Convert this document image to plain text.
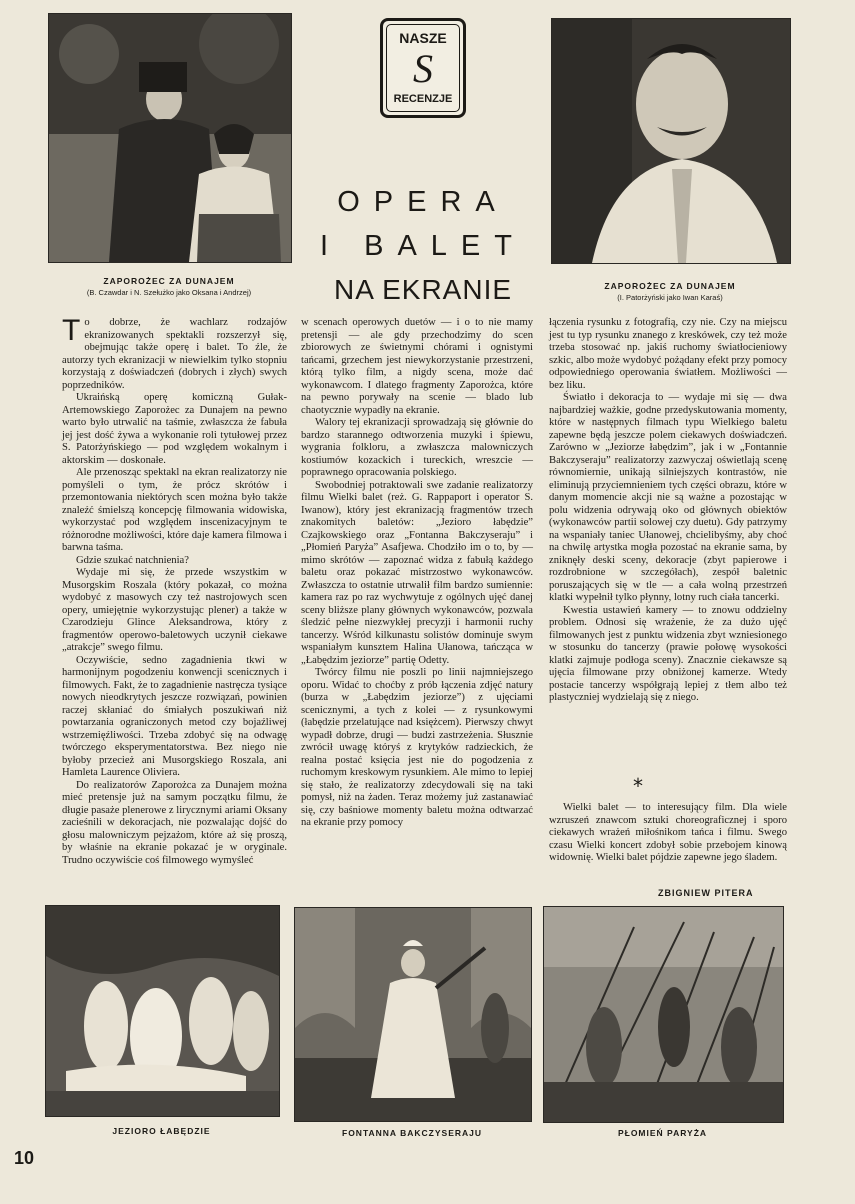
ZAPOROŻEC ZA DUNAJEM
(B. Czawdar i N. Szełużko jako Oksana i Andrzej)
NASZE
S
RECENZJE
OPERA
I BALET
NA EKRANIE	ZAPOROŻEC ZA DUNAJEM
(I. Patorżyński jako Iwan Karaś)

To dobrze, że wachlarz rodzajów ekranizowanych spektakli rozszerzył się, obejmując także operę i balet. To źle, że autorzy tych ekranizacji w niewielkim tylko stopniu korzystają z doświadczeń (dobrych i złych) swych poprzedników.

Ukraińską operę komiczną Gułak-Artemowskiego Zaporożec za Dunajem na pewno warto było utrwalić na taśmie, zwłaszcza że fabuła jej jest dość żywa a wykonanie roli tytułowej przez S. Patorżyńskiego — pod względem wokalnym i aktorskim — doskonałe.

Ale przenosząc spektakl na ekran realizatorzy nie pomyśleli o tym, że prócz skrótów i przemontowania niektórych scen można było także znaleźć śmielszą koncepcję filmowania widowiska, wykorzystać pod względem inscenizacyjnym te różnorodne możliwości, które daje kamera filmowa i barwna taśma.

Gdzie szukać natchnienia?

Wydaje mi się, że przede wszystkim w Musorgskim Roszala (który pokazał, co można wydobyć z masowych czy też nastrojowych scen opery, umiejętnie wykorzystując plener) a także w Czarodzieju Glince Aleksandrowa, który z fragmentów operowo-baletowych uczynił ciekawe „atrakcje” swego filmu.

Oczywiście, sedno zagadnienia tkwi w harmonijnym pogodzeniu konwencji scenicznych i filmowych. Fakt, że to zagadnienie nastręcza tysiące nowych nieodkrytych jeszcze rozwiązań, powinien raczej skłaniać do śmiałych poszukiwań niż powtarzania ograniczonych metod czy bojaźliwej wstrzemięźliwości. Trzeba zdobyć się na odwagę twórczego eksperymentatorstwa. Bez niego nie byłoby przecież ani Musorgskiego Roszala, ani Hamleta Laurence Oliviera.

Do realizatorów Zaporożca za Dunajem można mieć pretensje już na samym początku filmu, że długie pasaże plenerowe z lirycznymi ariami Oksany zacieśnili w dekoracjach, nie pozwalając dojść do głosu malowniczym pejzażom, które aż się proszą, by właśnie na ekranie pokazać je w oryginale. Trudno oczywiście coś filmowego wymyśleć

w scenach operowych duetów — i o to nie mamy pretensji — ale gdy przechodzimy do scen zbiorowych ze świetnymi chórami i ognistymi tańcami, grzechem jest niewykorzystanie przestrzeni, którą tylko film, a nigdy scena, może dać wykonawcom. I dlatego fragmenty Zaporożca, które na pewno porywały na scenie — blado lub chaotycznie wypadły na ekranie.

Walory tej ekranizacji sprowadzają się głównie do bardzo starannego odtworzenia muzyki i śpiewu, wygrania folkloru, a zwłaszcza malowniczych kostiumów kozackich i tureckich, wreszcie — poprawnego opracowania polskiego.

Swobodniej potraktowali swe zadanie realizatorzy filmu Wielki balet (reż. G. Rappaport i operator S. Iwanow), który jest ekranizacją fragmentów trzech znakomitych baletów: „Jezioro łabędzie” Czajkowskiego oraz „Fontanna Bakczyseraju” i „Płomień Paryża” Asafjewa. Chodziło im o to, by — mimo skrótów — zapoznać widza z fabułą każdego baletu oraz pokazać mistrzostwo wykonawców. Zwłaszcza to ostatnie utrwalił film bardzo sumiennie: kamera raz po raz wychwytuje z ogólnych ujęć danej sceny bliższe plany głównych wykonawców, pozwala śledzić pełne niezwykłej precyzji i harmonii ruchy tancerzy. Wśród kilkunastu solistów dominuje swym wspaniałym kunsztem Halina Ułanowa, tańcząca w „Łabędzim jeziorze” partię Odetty.

Twórcy filmu nie poszli po linii najmniejszego oporu. Widać to choćby z prób łączenia zdjęć natury (burza w „Łabędzim jeziorze”) z ujęciami scenicznymi, a tych z kolei — z rysunkowymi (łabędzie przelatujące nad księżcem). Pierwszy chwyt wypadł dobrze, drugi — budzi zastrzeżenia. Słusznie zwrócił uwagę któryś z krytyków radzieckich, że realna postać księcia jest nie do pogodzenia z ruchomym kreskowym rysunkiem. Ale mimo to lepiej się stało, że realizatorzy zdecydowali się na taki pomysł, niż na żaden. Teraz możemy już zastanawiać się, czy baśniowe momenty baletu można odtwarzać na ekranie przy pomocy

łączenia rysunku z fotografią, czy nie. Czy na miejscu jest tu typ rysunku znanego z kreskówek, czy też może trzeba stosować np. jakiś ruchomy światłocieniowy szkic, albo może wydobyć pożądany efekt przy pomocy odpowiedniego operowania światłem. Możliwości — bez liku.

Światło i dekoracja to — wydaje mi się — dwa najbardziej ważkie, godne przedyskutowania momenty, które w następnych filmach typu Wielkiego baletu zapewne będą jeszcze polem ciekawych doświadczeń. Zarówno w „Jeziorze łabędzim”, jak i w „Fontannie Bakczyseraju” realizatorzy zazwyczaj oświetlają scenę równomiernie, unikają silniejszych kontrastów, nie eliminują przyciemnieniem tych części obrazu, które w danym momencie akcji nie są ważne a pozostając w polu widzenia odrywają oko od głównych obiektów (wykonawców partii solowej czy duetu). Gdy patrzymy na wspaniały taniec Ułanowej, chcielibyśmy, aby choć na chwilę artystka mogła pozostać na ekranie sama, by zniknęły deski sceny, dekoracje (zbyt papierowe i rozdrobnione w szczegółach), zespół baletnic poruszających się w tle — a cała wolną przestrzeń klatki wypełnił tylko płynny, lotny ruch ciała tancerki.

Kwestia ustawień kamery — to znowu oddzielny problem. Odnosi się wrażenie, że za dużo ujęć filmowanych jest z punktu widzenia zbyt wzniesionego w stosunku do tancerzy (prawie połowę wysokości klatki zajmuje podłoga sceny). Znacznie ciekawsze są ujęcia filmowane przy obniżonej kamerze. Wtedy postacie tancerzy współgrają lepiej z tłem albo też plastyczniej wydzielają się z niego.

*

Wielki balet — to interesujący film. Dla wiele wzruszeń znawcom sztuki choreograficznej i sporo ciekawych wrażeń miłośnikom tańca i filmu. Swego czasu Wielki koncert zdobył sobie przebojem kinową widownię. Wielki balet pójdzie zapewne jego śladem.

ZBIGNIEW PITERA
JEZIORO ŁABĘDZIE	FONTANNA BAKCZYSERAJU	PŁOMIEŃ PARYŻA
10
